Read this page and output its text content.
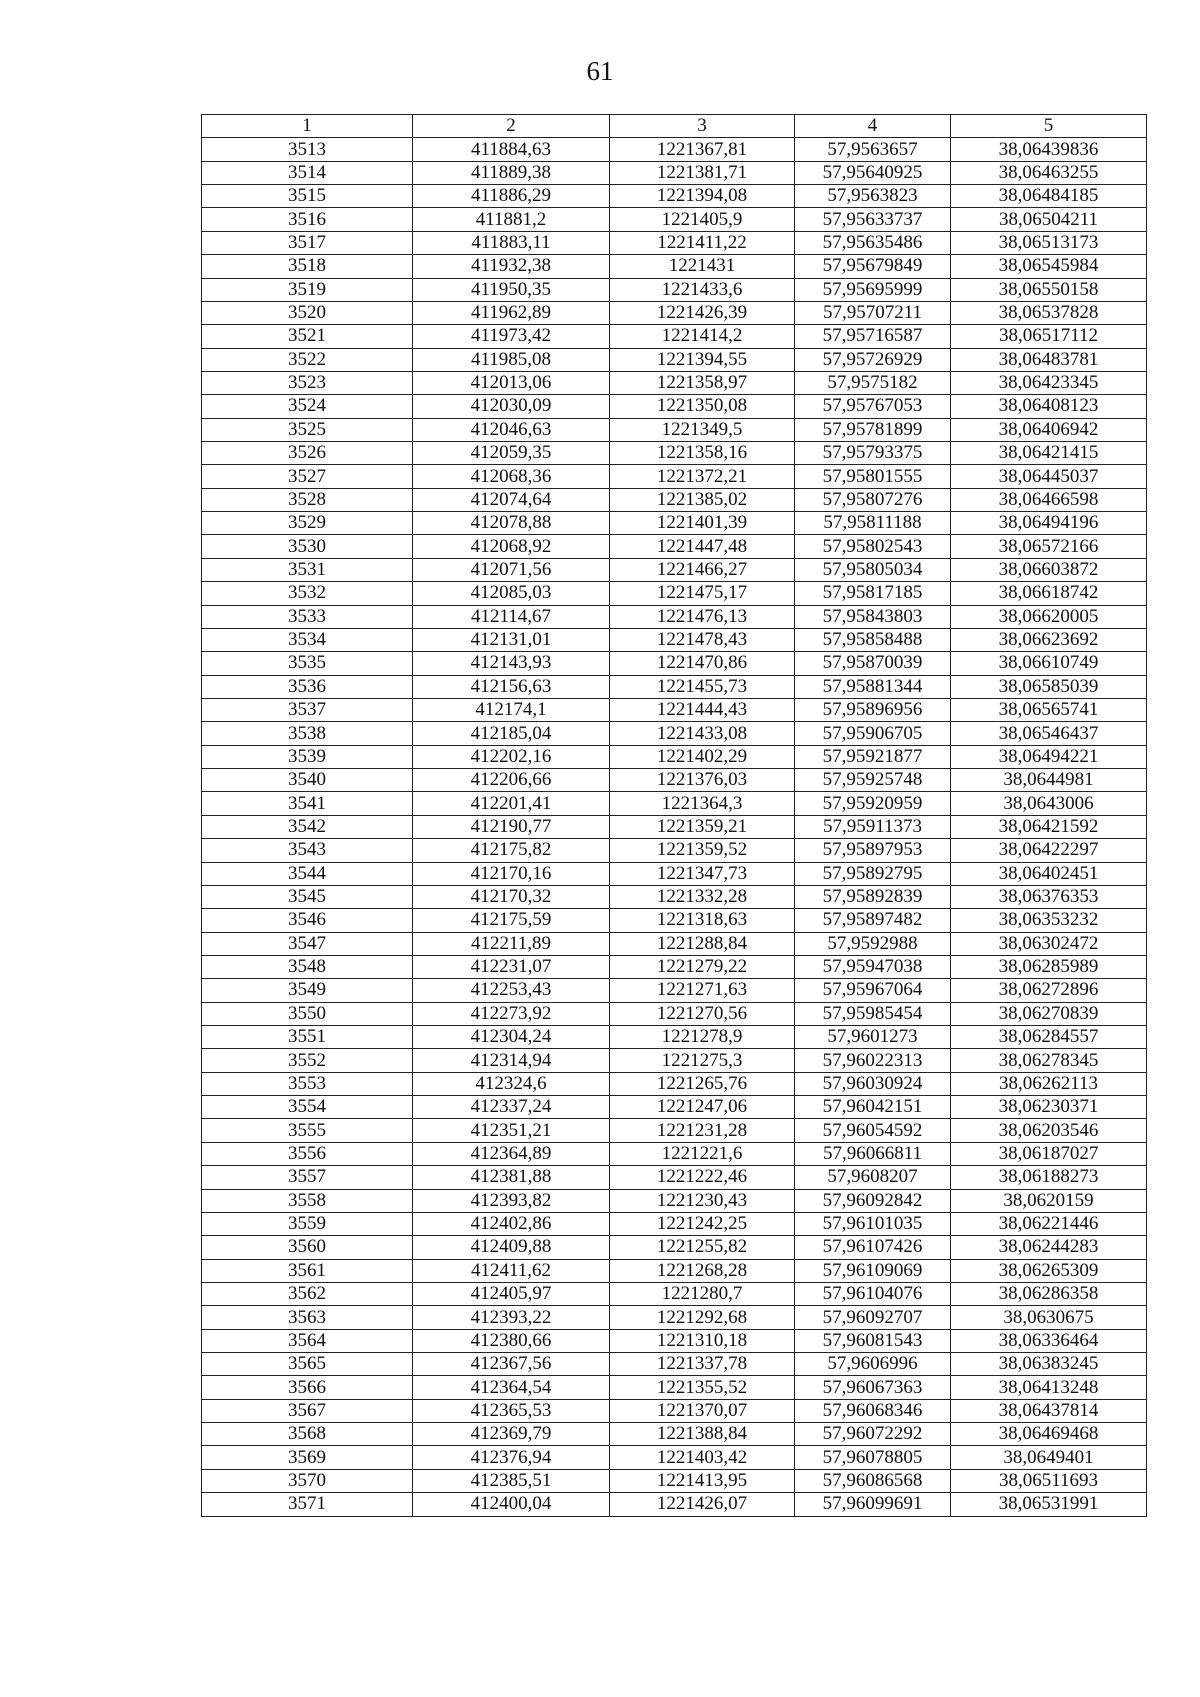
61
1	2	3	4	5
3513	411884,63	1221367,81	57,9563657	38,06439836
3514	411889,38	1221381,71	57,95640925	38,06463255
3515	411886,29	1221394,08	57,9563823	38,06484185
3516	411881,2	1221405,9	57,95633737	38,06504211
3517	411883,11	1221411,22	57,95635486	38,06513173
3518	411932,38	1221431	57,95679849	38,06545984
3519	411950,35	1221433,6	57,95695999	38,06550158
3520	411962,89	1221426,39	57,95707211	38,06537828
3521	411973,42	1221414,2	57,95716587	38,06517112
3522	411985,08	1221394,55	57,95726929	38,06483781
3523	412013,06	1221358,97	57,9575182	38,06423345
3524	412030,09	1221350,08	57,95767053	38,06408123
3525	412046,63	1221349,5	57,95781899	38,06406942
3526	412059,35	1221358,16	57,95793375	38,06421415
3527	412068,36	1221372,21	57,95801555	38,06445037
3528	412074,64	1221385,02	57,95807276	38,06466598
3529	412078,88	1221401,39	57,95811188	38,06494196
3530	412068,92	1221447,48	57,95802543	38,06572166
3531	412071,56	1221466,27	57,95805034	38,06603872
3532	412085,03	1221475,17	57,95817185	38,06618742
3533	412114,67	1221476,13	57,95843803	38,06620005
3534	412131,01	1221478,43	57,95858488	38,06623692
3535	412143,93	1221470,86	57,95870039	38,06610749
3536	412156,63	1221455,73	57,95881344	38,06585039
3537	412174,1	1221444,43	57,95896956	38,06565741
3538	412185,04	1221433,08	57,95906705	38,06546437
3539	412202,16	1221402,29	57,95921877	38,06494221
3540	412206,66	1221376,03	57,95925748	38,0644981
3541	412201,41	1221364,3	57,95920959	38,0643006
3542	412190,77	1221359,21	57,95911373	38,06421592
3543	412175,82	1221359,52	57,95897953	38,06422297
3544	412170,16	1221347,73	57,95892795	38,06402451
3545	412170,32	1221332,28	57,95892839	38,06376353
3546	412175,59	1221318,63	57,95897482	38,06353232
3547	412211,89	1221288,84	57,9592988	38,06302472
3548	412231,07	1221279,22	57,95947038	38,06285989
3549	412253,43	1221271,63	57,95967064	38,06272896
3550	412273,92	1221270,56	57,95985454	38,06270839
3551	412304,24	1221278,9	57,9601273	38,06284557
3552	412314,94	1221275,3	57,96022313	38,06278345
3553	412324,6	1221265,76	57,96030924	38,06262113
3554	412337,24	1221247,06	57,96042151	38,06230371
3555	412351,21	1221231,28	57,96054592	38,06203546
3556	412364,89	1221221,6	57,96066811	38,06187027
3557	412381,88	1221222,46	57,9608207	38,06188273
3558	412393,82	1221230,43	57,96092842	38,0620159
3559	412402,86	1221242,25	57,96101035	38,06221446
3560	412409,88	1221255,82	57,96107426	38,06244283
3561	412411,62	1221268,28	57,96109069	38,06265309
3562	412405,97	1221280,7	57,96104076	38,06286358
3563	412393,22	1221292,68	57,96092707	38,0630675
3564	412380,66	1221310,18	57,96081543	38,06336464
3565	412367,56	1221337,78	57,9606996	38,06383245
3566	412364,54	1221355,52	57,96067363	38,06413248
3567	412365,53	1221370,07	57,96068346	38,06437814
3568	412369,79	1221388,84	57,96072292	38,06469468
3569	412376,94	1221403,42	57,96078805	38,0649401
3570	412385,51	1221413,95	57,96086568	38,06511693
3571	412400,04	1221426,07	57,96099691	38,06531991
